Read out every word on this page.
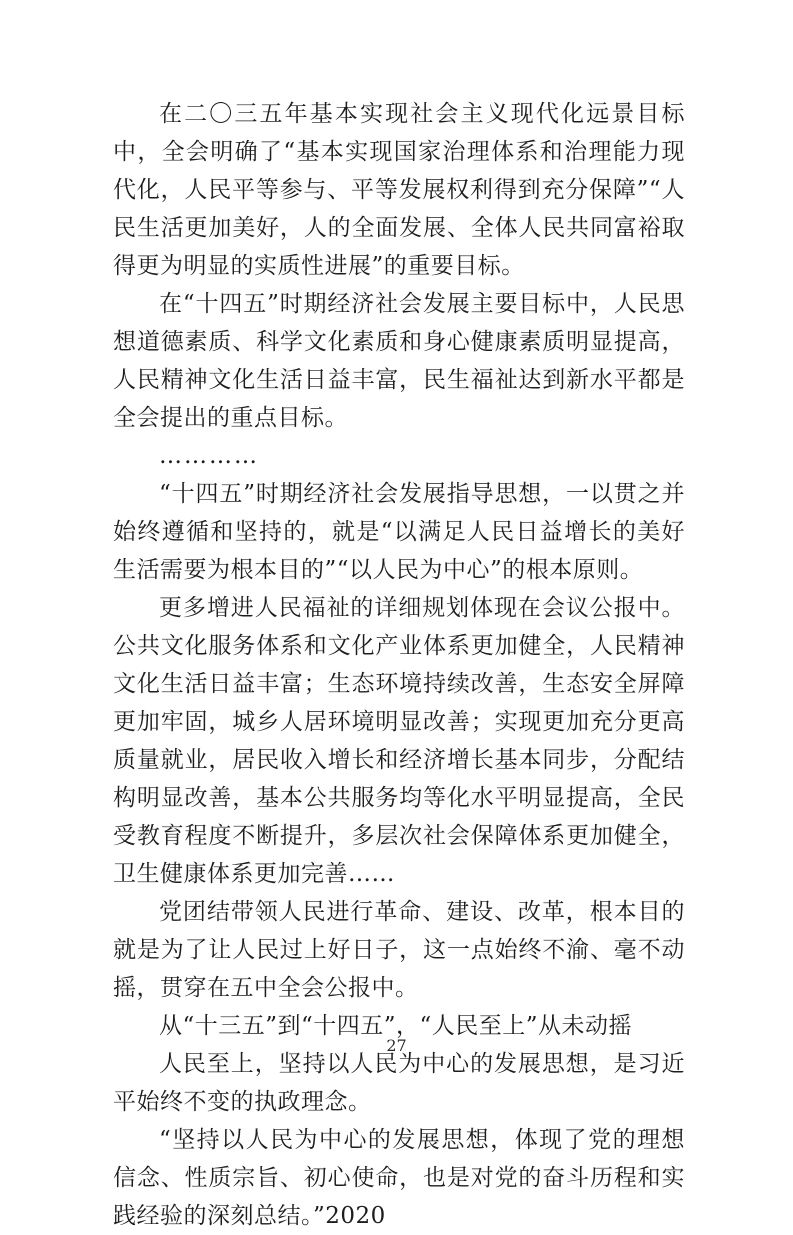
在二〇三五年基本实现社会主义现代化远景目标中，全会明确了“基本实现国家治理体系和治理能力现代化，人民平等参与、平等发展权利得到充分保障”“人民生活更加美好，人的全面发展、全体人民共同富裕取得更为明显的实质性进展”的重要目标。

在“十四五”时期经济社会发展主要目标中，人民思想道德素质、科学文化素质和身心健康素质明显提高，人民精神文化生活日益丰富，民生福祉达到新水平都是全会提出的重点目标。

…………

“十四五”时期经济社会发展指导思想，一以贯之并始终遵循和坚持的，就是“以满足人民日益增长的美好生活需要为根本目的”“以人民为中心”的根本原则。

更多增进人民福祉的详细规划体现在会议公报中。公共文化服务体系和文化产业体系更加健全，人民精神文化生活日益丰富；生态环境持续改善，生态安全屏障更加牢固，城乡人居环境明显改善；实现更加充分更高质量就业，居民收入增长和经济增长基本同步，分配结构明显改善，基本公共服务均等化水平明显提高，全民受教育程度不断提升，多层次社会保障体系更加健全，卫生健康体系更加完善……

党团结带领人民进行革命、建设、改革，根本目的就是为了让人民过上好日子，这一点始终不渝、毫不动摇，贯穿在五中全会公报中。

从“十三五”到“十四五”，“人民至上”从未动摇

人民至上，坚持以人民为中心的发展思想，是习近平始终不变的执政理念。

“坚持以人民为中心的发展思想，体现了党的理想信念、性质宗旨、初心使命，也是对党的奋斗历程和实践经验的深刻总结。”2020

27
